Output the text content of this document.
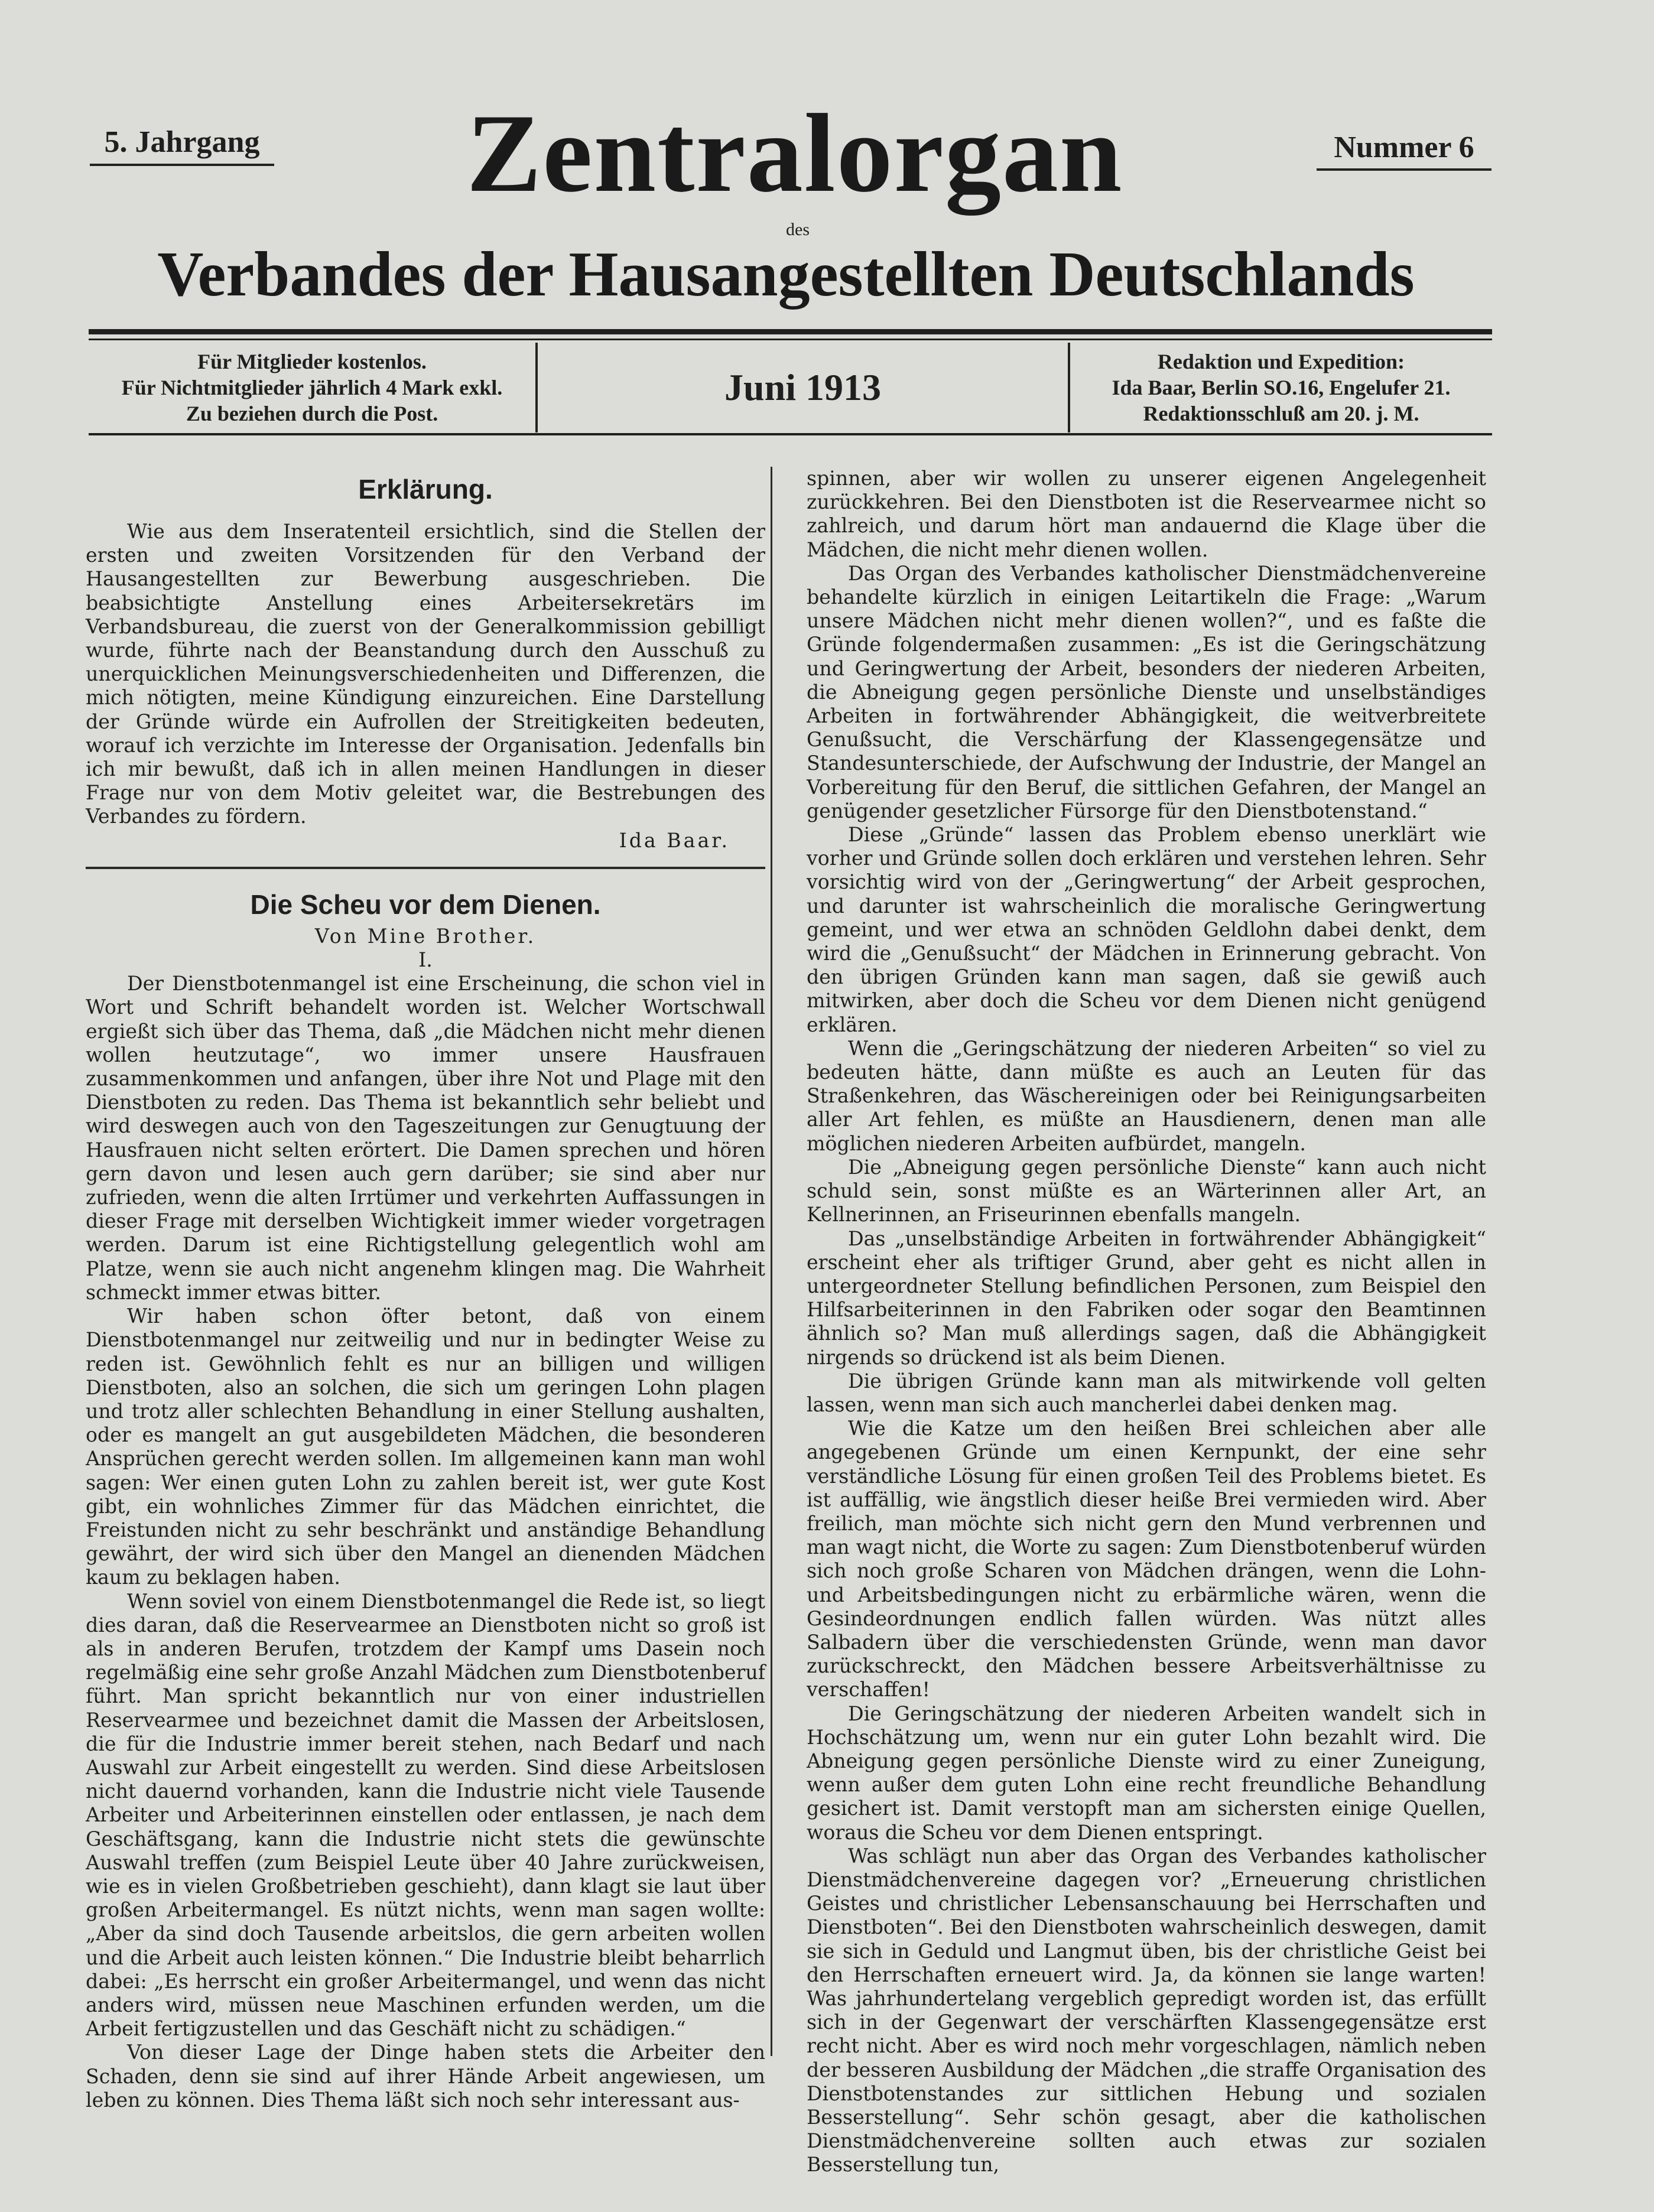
5. Jahrgang Zentralorgan	Nummer 6
des
Verbandes der Hausangestellten Deutschlands
Für Mitglieder kostenlos.
Für Nichtmitglieder jährlich 4 Mark exkl.
Zu beziehen durch die Post.
Juni 1913
Redaktion und Expedition:
Ida Baar, Berlin SO.16, Engelufer 21.
Redaktionsschluß am 20. j. M.
Erklärung.

Wie aus dem Inseratenteil ersichtlich, sind die Stellen der ersten und zweiten Vorsitzenden für den Verband der Hausangestellten zur Bewerbung ausgeschrieben. Die beabsichtigte Anstellung eines Arbeitersekretärs im Verbandsbureau, die zuerst von der Generalkommission gebilligt wurde, führte nach der Beanstandung durch den Ausschuß zu unerquicklichen Meinungsverschiedenheiten und Differenzen, die mich nötigten, meine Kündigung einzureichen. Eine Darstellung der Gründe würde ein Aufrollen der Streitigkeiten bedeuten, worauf ich verzichte im Interesse der Organisation. Jedenfalls bin ich mir bewußt, daß ich in allen meinen Handlungen in dieser Frage nur von dem Motiv geleitet war, die Bestrebungen des Verbandes zu fördern.

Ida Baar.

Die Scheu vor dem Dienen.

Von Mine Brother.

I.

Der Dienstbotenmangel ist eine Erscheinung, die schon viel in Wort und Schrift behandelt worden ist. Welcher Wortschwall ergießt sich über das Thema, daß „die Mädchen nicht mehr dienen wollen heutzutage“, wo immer unsere Hausfrauen zusammenkommen und anfangen, über ihre Not und Plage mit den Dienstboten zu reden. Das Thema ist bekanntlich sehr beliebt und wird deswegen auch von den Tageszeitungen zur Genugtuung der Hausfrauen nicht selten erörtert. Die Damen sprechen und hören gern davon und lesen auch gern darüber; sie sind aber nur zufrieden, wenn die alten Irrtümer und verkehrten Auffassungen in dieser Frage mit derselben Wichtigkeit immer wieder vorgetragen werden. Darum ist eine Richtigstellung gelegentlich wohl am Platze, wenn sie auch nicht angenehm klingen mag. Die Wahrheit schmeckt immer etwas bitter.

Wir haben schon öfter betont, daß von einem Dienstbotenmangel nur zeitweilig und nur in bedingter Weise zu reden ist. Gewöhnlich fehlt es nur an billigen und willigen Dienstboten, also an solchen, die sich um geringen Lohn plagen und trotz aller schlechten Behandlung in einer Stellung aushalten, oder es mangelt an gut ausgebildeten Mädchen, die besonderen Ansprüchen gerecht werden sollen. Im allgemeinen kann man wohl sagen: Wer einen guten Lohn zu zahlen bereit ist, wer gute Kost gibt, ein wohnliches Zimmer für das Mädchen einrichtet, die Freistunden nicht zu sehr beschränkt und anständige Behandlung gewährt, der wird sich über den Mangel an dienenden Mädchen kaum zu beklagen haben.

Wenn soviel von einem Dienstbotenmangel die Rede ist, so liegt dies daran, daß die Reservearmee an Dienstboten nicht so groß ist als in anderen Berufen, trotzdem der Kampf ums Dasein noch regelmäßig eine sehr große Anzahl Mädchen zum Dienstbotenberuf führt. Man spricht bekanntlich nur von einer industriellen Reservearmee und bezeichnet damit die Massen der Arbeitslosen, die für die Industrie immer bereit stehen, nach Bedarf und nach Auswahl zur Arbeit eingestellt zu werden. Sind diese Arbeitslosen nicht dauernd vorhanden, kann die Industrie nicht viele Tausende Arbeiter und Arbeiterinnen einstellen oder entlassen, je nach dem Geschäftsgang, kann die Industrie nicht stets die gewünschte Auswahl treffen (zum Beispiel Leute über 40 Jahre zurückweisen, wie es in vielen Großbetrieben geschieht), dann klagt sie laut über großen Arbeitermangel. Es nützt nichts, wenn man sagen wollte: „Aber da sind doch Tausende arbeitslos, die gern arbeiten wollen und die Arbeit auch leisten können.“ Die Industrie bleibt beharrlich dabei: „Es herrscht ein großer Arbeitermangel, und wenn das nicht anders wird, müssen neue Maschinen erfunden werden, um die Arbeit fertigzustellen und das Geschäft nicht zu schädigen.“

Von dieser Lage der Dinge haben stets die Arbeiter den Schaden, denn sie sind auf ihrer Hände Arbeit angewiesen, um leben zu können. Dies Thema läßt sich noch sehr interessant aus-

spinnen, aber wir wollen zu unserer eigenen Angelegenheit zurückkehren. Bei den Dienstboten ist die Reservearmee nicht so zahlreich, und darum hört man andauernd die Klage über die Mädchen, die nicht mehr dienen wollen.

Das Organ des Verbandes katholischer Dienstmädchenvereine behandelte kürzlich in einigen Leitartikeln die Frage: „Warum unsere Mädchen nicht mehr dienen wollen?“, und es faßte die Gründe folgendermaßen zusammen: „Es ist die Geringschätzung und Geringwertung der Arbeit, besonders der niederen Arbeiten, die Abneigung gegen persönliche Dienste und unselbständiges Arbeiten in fortwährender Abhängigkeit, die weitverbreitete Genußsucht, die Verschärfung der Klassengegensätze und Standesunterschiede, der Aufschwung der Industrie, der Mangel an Vorbereitung für den Beruf, die sittlichen Gefahren, der Mangel an genügender gesetzlicher Fürsorge für den Dienstbotenstand.“

Diese „Gründe“ lassen das Problem ebenso unerklärt wie vorher und Gründe sollen doch erklären und verstehen lehren. Sehr vorsichtig wird von der „Geringwertung“ der Arbeit gesprochen, und darunter ist wahrscheinlich die moralische Geringwertung gemeint, und wer etwa an schnöden Geldlohn dabei denkt, dem wird die „Genußsucht“ der Mädchen in Erinnerung gebracht. Von den übrigen Gründen kann man sagen, daß sie gewiß auch mitwirken, aber doch die Scheu vor dem Dienen nicht genügend erklären.

Wenn die „Geringschätzung der niederen Arbeiten“ so viel zu bedeuten hätte, dann müßte es auch an Leuten für das Straßenkehren, das Wäschereinigen oder bei Reinigungsarbeiten aller Art fehlen, es müßte an Hausdienern, denen man alle möglichen niederen Arbeiten aufbürdet, mangeln.

Die „Abneigung gegen persönliche Dienste“ kann auch nicht schuld sein, sonst müßte es an Wärterinnen aller Art, an Kellnerinnen, an Friseurinnen ebenfalls mangeln.

Das „unselbständige Arbeiten in fortwährender Abhängigkeit“ erscheint eher als triftiger Grund, aber geht es nicht allen in untergeordneter Stellung befindlichen Personen, zum Beispiel den Hilfsarbeiterinnen in den Fabriken oder sogar den Beamtinnen ähnlich so? Man muß allerdings sagen, daß die Abhängigkeit nirgends so drückend ist als beim Dienen.

Die übrigen Gründe kann man als mitwirkende voll gelten lassen, wenn man sich auch mancherlei dabei denken mag.

Wie die Katze um den heißen Brei schleichen aber alle angegebenen Gründe um einen Kernpunkt, der eine sehr verständliche Lösung für einen großen Teil des Problems bietet. Es ist auffällig, wie ängstlich dieser heiße Brei vermieden wird. Aber freilich, man möchte sich nicht gern den Mund verbrennen und man wagt nicht, die Worte zu sagen: Zum Dienstbotenberuf würden sich noch große Scharen von Mädchen drängen, wenn die Lohn- und Arbeitsbedingungen nicht zu erbärmliche wären, wenn die Gesindeordnungen endlich fallen würden. Was nützt alles Salbadern über die verschiedensten Gründe, wenn man davor zurückschreckt, den Mädchen bessere Arbeitsverhältnisse zu verschaffen!

Die Geringschätzung der niederen Arbeiten wandelt sich in Hochschätzung um, wenn nur ein guter Lohn bezahlt wird. Die Abneigung gegen persönliche Dienste wird zu einer Zuneigung, wenn außer dem guten Lohn eine recht freundliche Behandlung gesichert ist. Damit verstopft man am sichersten einige Quellen, woraus die Scheu vor dem Dienen entspringt.

Was schlägt nun aber das Organ des Verbandes katholischer Dienstmädchenvereine dagegen vor? „Erneuerung christlichen Geistes und christlicher Lebensanschauung bei Herrschaften und Dienstboten“. Bei den Dienstboten wahrscheinlich deswegen, damit sie sich in Geduld und Langmut üben, bis der christliche Geist bei den Herrschaften erneuert wird. Ja, da können sie lange warten! Was jahrhundertelang vergeblich gepredigt worden ist, das erfüllt sich in der Gegenwart der verschärften Klassengegensätze erst recht nicht. Aber es wird noch mehr vorgeschlagen, nämlich neben der besseren Ausbildung der Mädchen „die straffe Organisation des Dienstbotenstandes zur sittlichen Hebung und sozialen Besserstellung“. Sehr schön gesagt, aber die katholischen Dienstmädchenvereine sollten auch etwas zur sozialen Besserstellung tun,
